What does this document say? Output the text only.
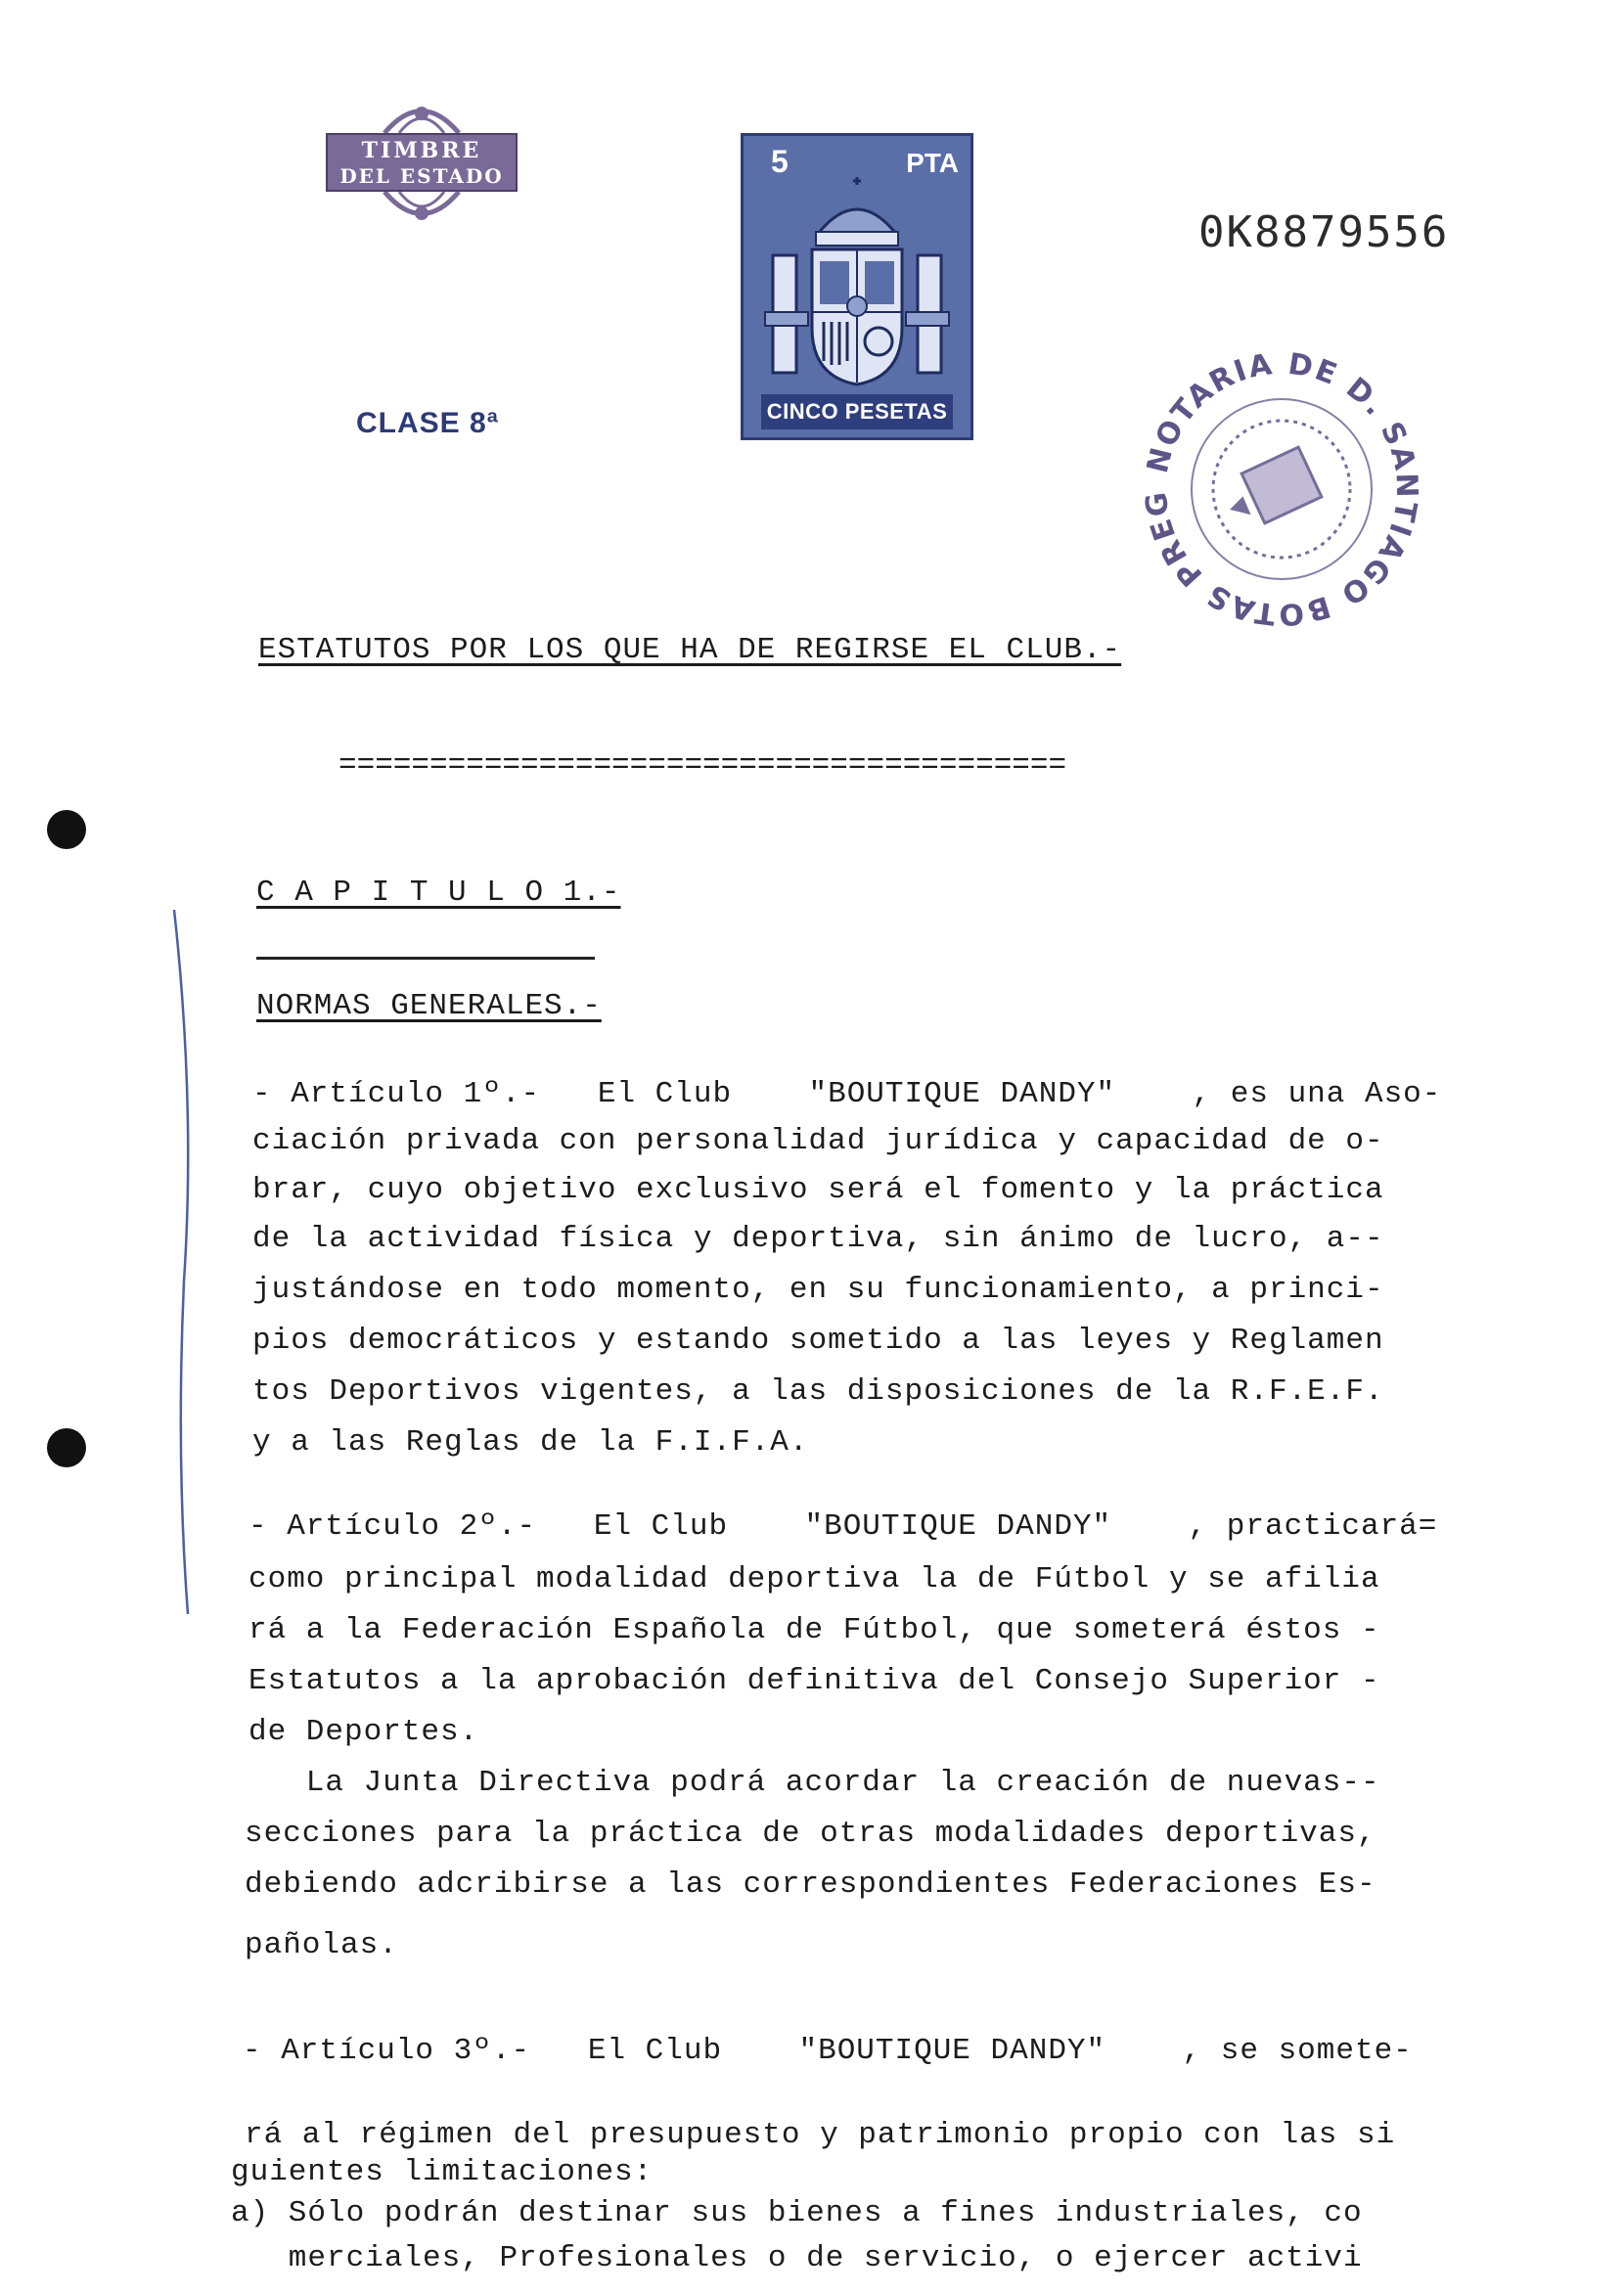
TIMBRE
DEL ESTADO
CLASE 8ª
5	PTA
CINCO PESETAS
0K8879556
NOTARIA DE D. SANTIAGO BOTAS PREG
ESTATUTOS POR LOS QUE HA DE REGIRSE EL CLUB.-
========================================
C A P I T U L O 1.-
NORMAS GENERALES.-
- Artículo 1º.-   El Club    "BOUTIQUE DANDY"    , es una Aso-
ciación privada con personalidad jurídica y capacidad de o-
brar, cuyo objetivo exclusivo será el fomento y la práctica
de la actividad física y deportiva, sin ánimo de lucro, a--
justándose en todo momento, en su funcionamiento, a princi-
pios democráticos y estando sometido a las leyes y Reglamen
tos Deportivos vigentes, a las disposiciones de la R.F.E.F.
y a las Reglas de la F.I.F.A.
- Artículo 2º.-   El Club    "BOUTIQUE DANDY"    , practicará=
como principal modalidad deportiva la de Fútbol y se afilia
rá a la Federación Española de Fútbol, que someterá éstos -
Estatutos a la aprobación definitiva del Consejo Superior -
de Deportes.
La Junta Directiva podrá acordar la creación de nuevas--
secciones para la práctica de otras modalidades deportivas,
debiendo adcribirse a las correspondientes Federaciones Es-
pañolas.
- Artículo 3º.-   El Club    "BOUTIQUE DANDY"    , se somete-
rá al régimen del presupuesto y patrimonio propio con las si
guientes limitaciones:
a) Sólo podrán destinar sus bienes a fines industriales, co
merciales, Profesionales o de servicio, o ejercer activi
